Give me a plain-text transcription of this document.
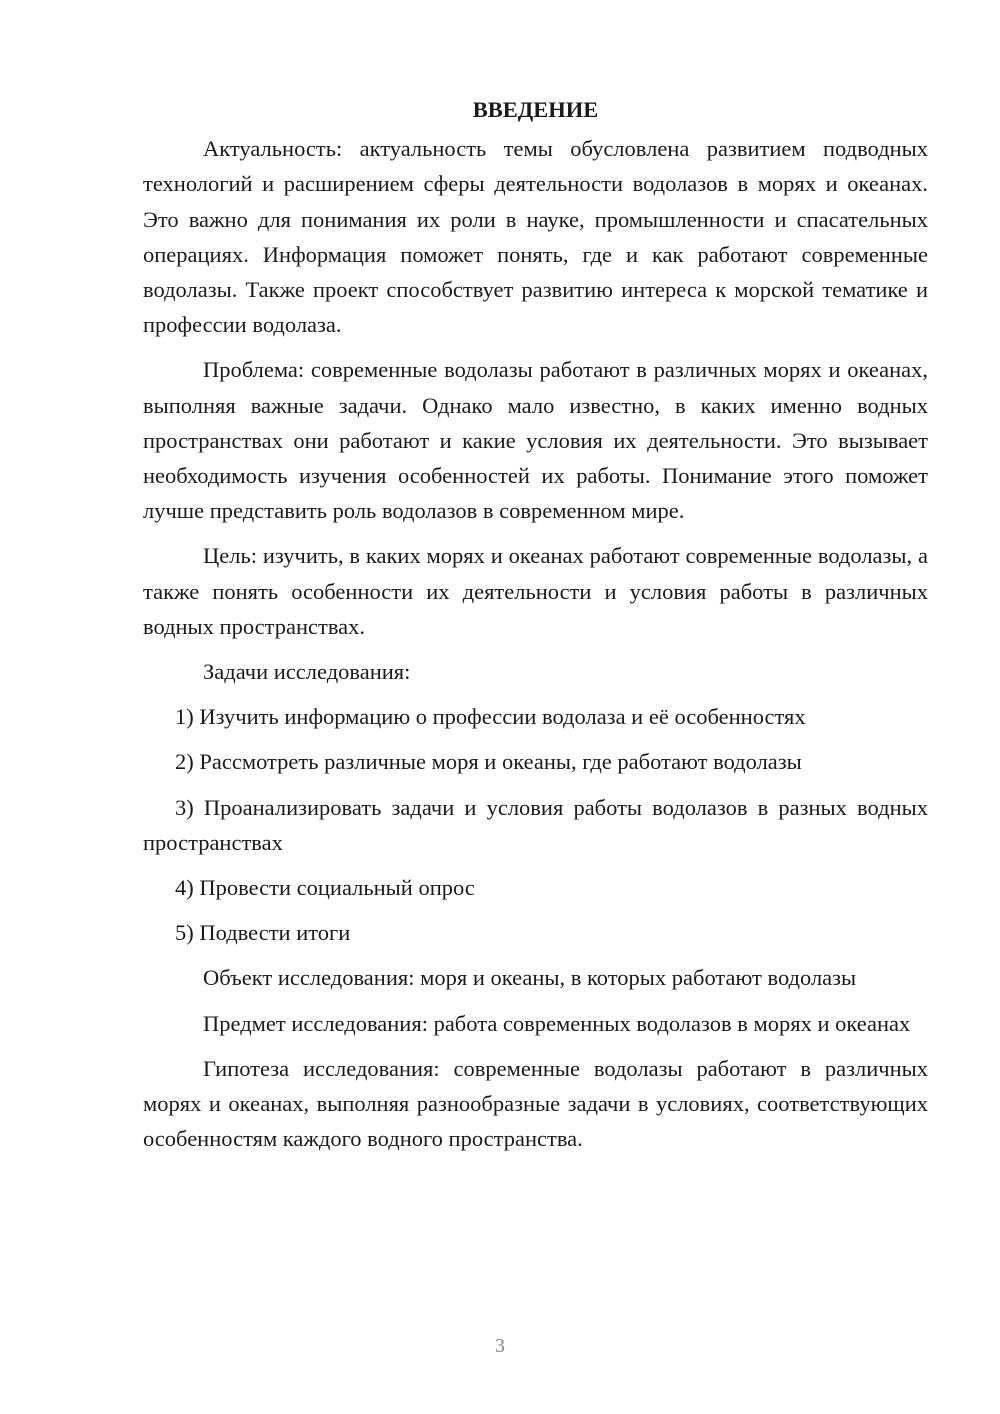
ВВЕДЕНИЕ

Актуальность: актуальность темы обусловлена развитием подводных технологий и расширением сферы деятельности водолазов в морях и океанах. Это важно для понимания их роли в науке, промышленности и спасательных операциях. Информация поможет понять, где и как работают современные водолазы. Также проект способствует развитию интереса к морской тематике и профессии водолаза.

Проблема: современные водолазы работают в различных морях и океанах, выполняя важные задачи. Однако мало известно, в каких именно водных пространствах они работают и какие условия их деятельности. Это вызывает необходимость изучения особенностей их работы. Понимание этого поможет лучше представить роль водолазов в современном мире.

Цель: изучить, в каких морях и океанах работают современные водолазы, а также понять особенности их деятельности и условия работы в различных водных пространствах.

Задачи исследования:

1) Изучить информацию о профессии водолаза и её особенностях

2) Рассмотреть различные моря и океаны, где работают водолазы

3) Проанализировать задачи и условия работы водолазов в разных водных пространствах

4) Провести социальный опрос

5) Подвести итоги

Объект исследования: моря и океаны, в которых работают водолазы

Предмет исследования: работа современных водолазов в морях и океанах

Гипотеза исследования: современные водолазы работают в различных морях и океанах, выполняя разнообразные задачи в условиях, соответствующих особенностям каждого водного пространства.

3
